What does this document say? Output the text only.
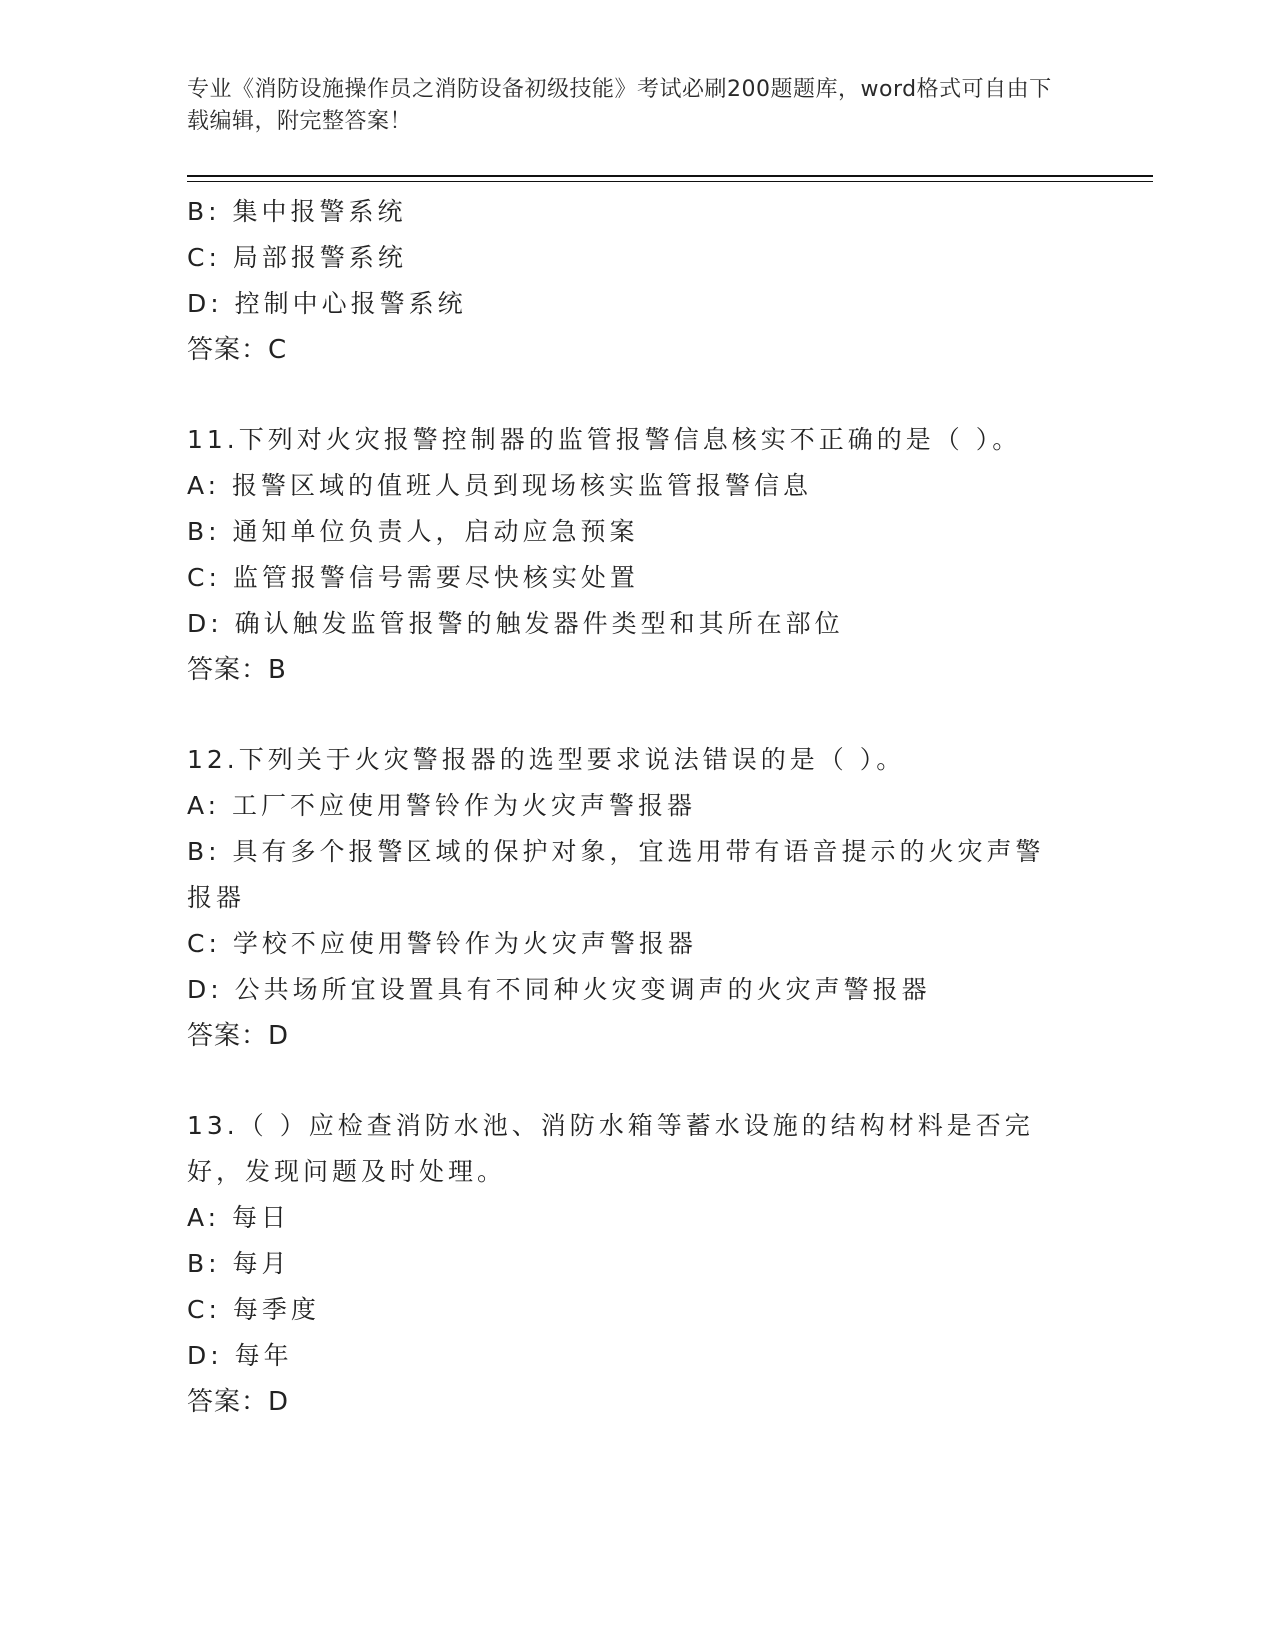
专业《消防设施操作员之消防设备初级技能》考试必刷200题题库，word格式可自由下载编辑，附完整答案！

B: 集中报警系统

C: 局部报警系统

D: 控制中心报警系统

答案：C

11.下列对火灾报警控制器的监管报警信息核实不正确的是（ ）。

A: 报警区域的值班人员到现场核实监管报警信息

B: 通知单位负责人，启动应急预案

C: 监管报警信号需要尽快核实处置

D: 确认触发监管报警的触发器件类型和其所在部位

答案：B

12.下列关于火灾警报器的选型要求说法错误的是（ ）。

A: 工厂不应使用警铃作为火灾声警报器

B: 具有多个报警区域的保护对象，宜选用带有语音提示的火灾声警报器

C: 学校不应使用警铃作为火灾声警报器

D: 公共场所宜设置具有不同种火灾变调声的火灾声警报器

答案：D

13.（ ）应检查消防水池、消防水箱等蓄水设施的结构材料是否完好，发现问题及时处理。

A: 每日

B: 每月

C: 每季度

D: 每年

答案：D
